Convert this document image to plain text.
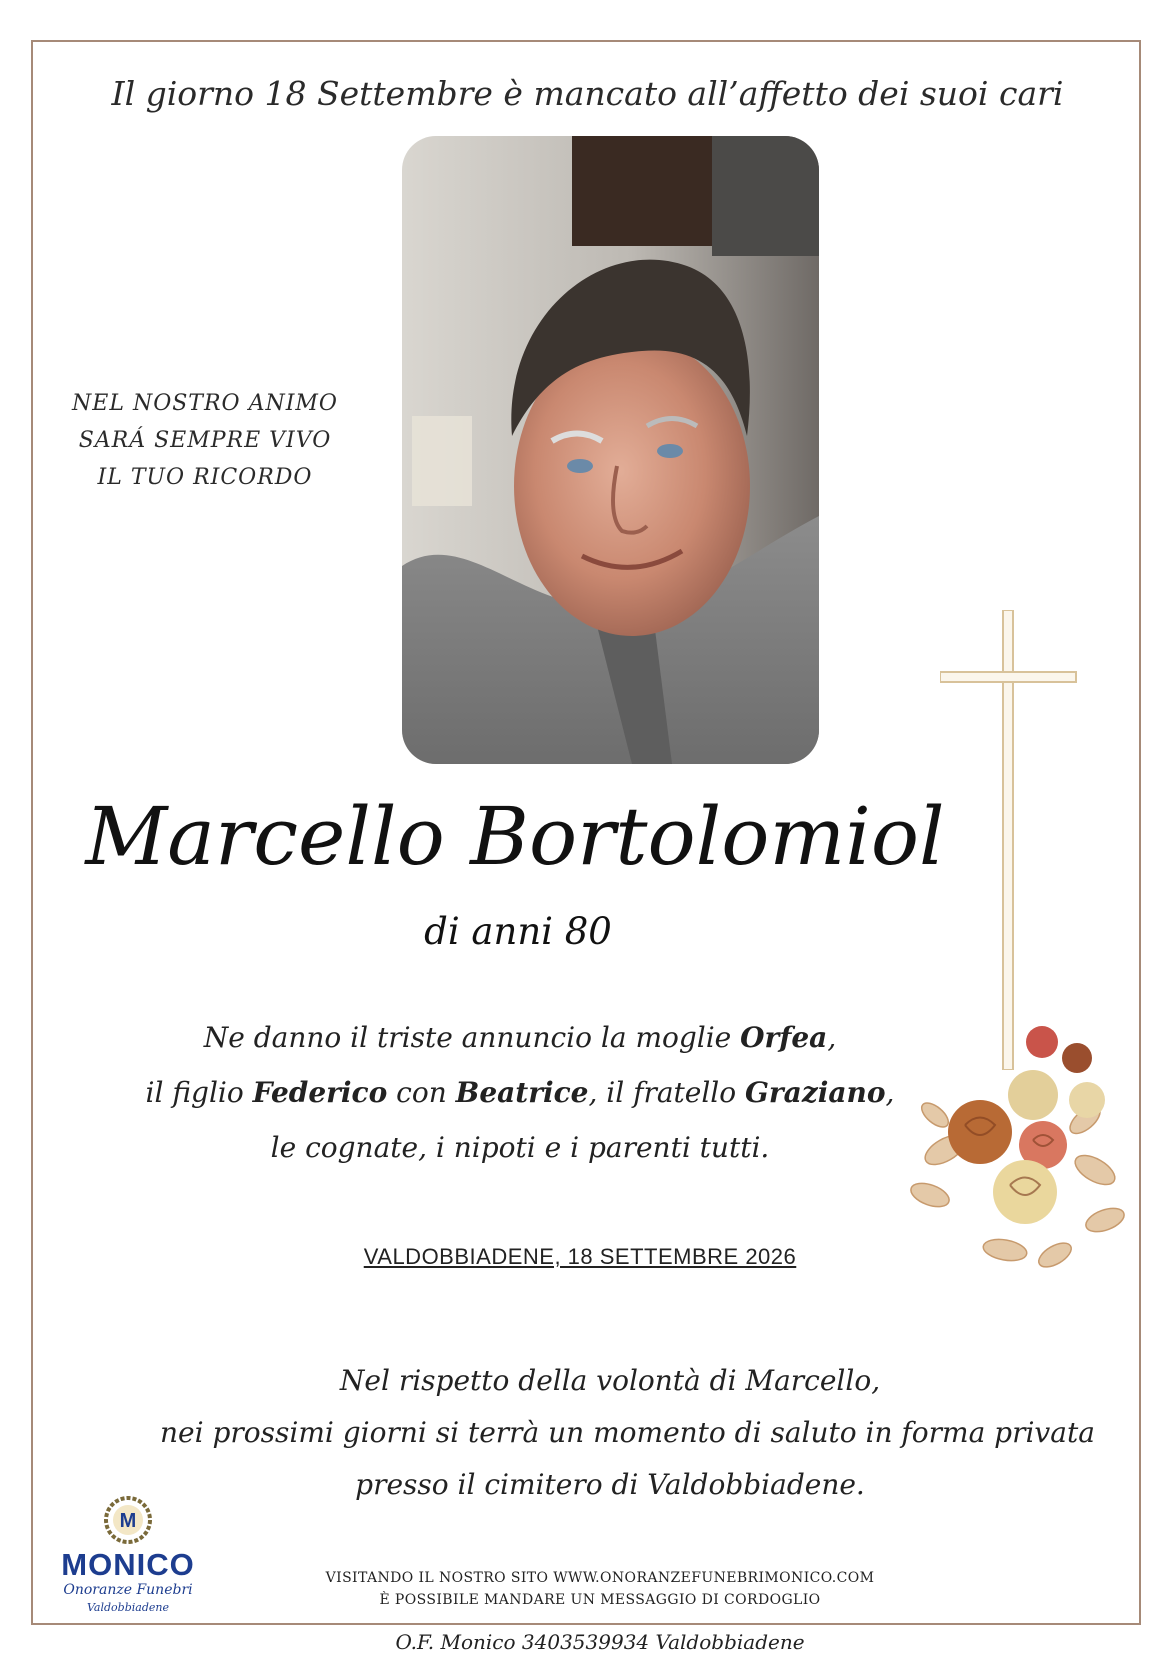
Il giorno 18 Settembre è mancato all’affetto dei suoi cari
NEL NOSTRO ANIMO
SARÁ SEMPRE VIVO
IL TUO RICORDO
Marcello Bortolomiol
di anni 80
Ne danno il triste annuncio la moglie Orfea,
il figlio Federico con Beatrice, il fratello Graziano,
le cognate, i nipoti e i parenti tutti.
VALDOBBIADENE, 18 SETTEMBRE 2026
Nel rispetto della volontà di Marcello,
nei prossimi giorni si terrà un momento di saluto in forma privata
presso il cimitero di Valdobbiadene.
M
MONICO
Onoranze Funebri
Valdobbiadene
VISITANDO IL NOSTRO SITO WWW.ONORANZEFUNEBRIMONICO.COM
È POSSIBILE MANDARE UN MESSAGGIO DI CORDOGLIO
O.F. Monico 3403539934 Valdobbiadene
